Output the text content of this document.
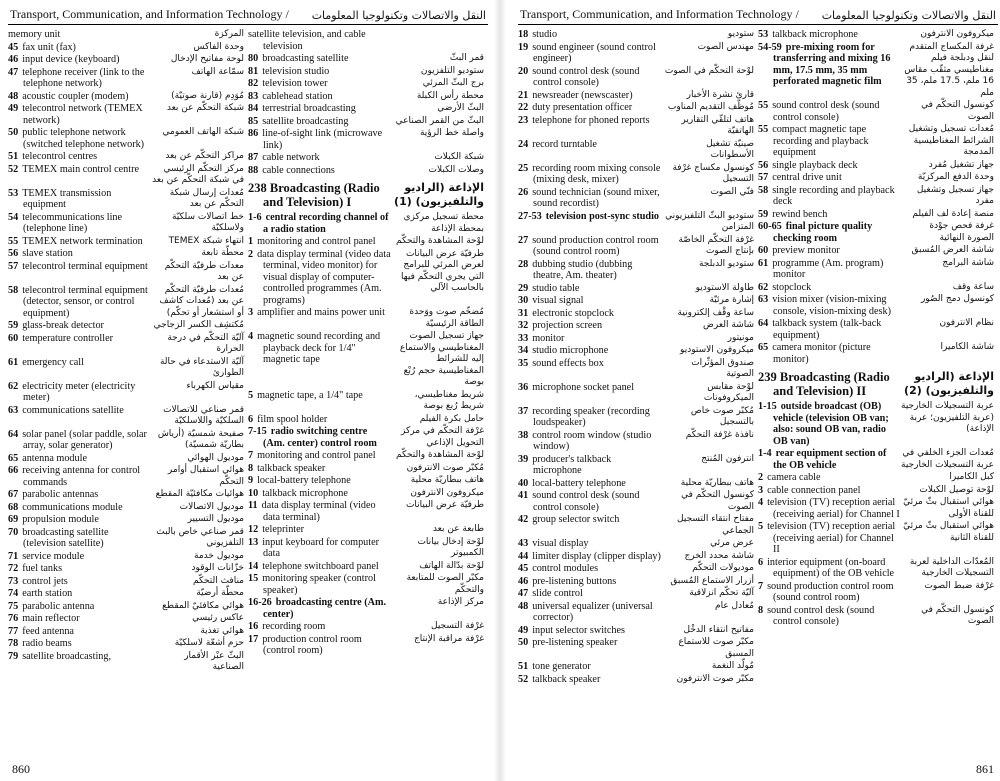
Transport, Communication, and Information Technology / النقل والاتصالات وتكنولوجيا المعلومات
memory unit	المركّزة
45 fax unit (fax)	وحدة الفاكس
46 input device (keyboard)	لوحة مفاتيح الإدخال
47 telephone receiver (link to the telephone network)
سمّاعة الهاتف
48 acoustic coupler (modem)	مُوَدِم (قارنة صوتيّة)
49 telecontrol network (TEMEX network)
شبكة التحكّم عن بعد
50 public telephone network (switched telephone network)
شبكة الهاتف العمومي
51 telecontrol centres	مراكز التحكّم عن بعد
52 TEMEX main control centre	مركز التحكّم الرئيسي في شبكة التحكّم عن بعد
53 TEMEX transmission equipment
مُعدات إرسال شبكة التحكّم عن بعد
54 telecommunications line (telephone line)
خط اتصالات سلكيّة ولاسلكيّة
55 TEMEX network termination	انتهاء شبكة TEMEX
56 slave station	محطّة تابعة
57 telecontrol terminal equipment	معدات طرفيّة التحكّم عن بعد
58 telecontrol terminal equipment (detector, sensor, or control equipment)
مُعدات طرفيّة التحكّم عن بعد (مُعدات كاشف أو استشعار أو تحكّم)
59 glass-break detector	مُكتشِف الكسر الزجاجي
60 temperature controller	آليّة التحكّم في درجة الحرارة
61 emergency call	آليّة الاستدعاء في حالة الطوارئ
62 electricity meter (electricity meter)
مقياس الكهرباء
63 communications satellite	قمر صناعي للاتصالات السلكيّة واللاسلكيّة
64 solar panel (solar paddle, solar array, solar generator)
صفيحة شمسيّة (أرياش بطاريّة شمسيّة)
65 antenna module	موديول الهوائي
66 receiving antenna for control commands
هوائي استقبال أوامر التحكّم
67 parabolic antennas	هوائيات مكافئيّة المقطع
68 communications module	موديول الاتصالات
69 propulsion module	موديول التسيير
70 broadcasting satellite (television satellite)
قمر صناعي خاص بالبث التلفزيوني
71 service module	موديول خدمة
72 fuel tanks	خزّانات الوقود
73 control jets	منافث التحكّم
74 earth station	محطّة أرضيّة
75 parabolic antenna	هوائي مكافئيّ المقطع
76 main reflector	عاكس رئيسي
77 feed antenna	هوائي تغذية
78 radio beams	حزم أشعّة لاسلكيّة
79 satellite broadcasting,	البثّ عبْر الأقمار الصناعية
satellite television, and cable television
80 broadcasting satellite	قمر البثّ
81 television studio	ستوديو التلفزيون
82 television tower	برج البثّ المرئي
83 cablehead station	محطة رأس الكبلة
84 terrestrial broadcasting	البثّ الأرضي
85 satellite broadcasting	البثّ من القمر الصناعي
86 line-of-sight link (microwave link)
واصلة خط الرؤية
87 cable network	شبكة الكبلات
88 cable connections	وصلات الكبلات
238 Broadcasting (Radio and Television) I
الإذاعة (الراديو والتلفيزيون) (1)
1-6 central recording channel of a radio station
محطة تسجيل مركزي بمحطة الإذاعة
1 monitoring and control panel	لوْحة المشاهدة والتحكّم
2 data display terminal (video data terminal, video monitor) for visual display of computer-controlled programmes (Am. programs)
طرفيّة عرض البيانات لعرض المرئي للبرامج التي يجري التحكّم فيها بالحاسب الآلي
3 amplifier and mains power unit	مُضخّم صوت ووَحدة الطاقة الرئيسيّة
4 magnetic sound recording and playback deck for 1/4" magnetic tape
جهاز تسجيل الصوت المغناطيسي والاستماع إليه للشرائط المغناطيسية حجم رُبْع بوصة
5 magnetic tape, a 1/4" tape	شريط مغناطيسي، شريط رُبع بوصة
6 film spool holder	حامل بكرة الفيلم
7-15 radio switching centre (Am. center) control room
غرْفة التحكّم في مركز التحويل الإذاعي
7 monitoring and control panel	لوْحة المشاهدة والتحكّم
8 talkback speaker	مُكبّر صوت الانترفون
9 local-battery telephone	هاتف ببطاريّة محلية
10 talkback microphone	ميكروفون الانترفون
11 data display terminal (video data terminal)
طرفيّة عرض البيانات
12 teleprinter	طابعة عن بعد
13 input keyboard for computer data
لوْحة إدخال بيانات الكمبيوتر
14 telephone switchboard panel	لوْحة بدّالة الهاتف
15 monitoring speaker (control speaker)
مكبّر الصوت للمتابعة والتحكّم
16-26 broadcasting centre (Am. center)
مركز الإذاعة
16 recording room	غرْفة التسجيل
17 production control room (control room)
غرْفة مراقبة الإنتاج
860
Transport, Communication, and Information Technology / النقل والاتصالات وتكنولوجيا المعلومات
18 studio	ستوديو
19 sound engineer (sound control engineer)
مهندس الصوت
20 sound control desk (sound control console)
لوْحة التحكّم في الصوت
21 newsreader (newscaster)	قارئ نشرة الأخبار
22 duty presentation officer	مُوظّف التقديم المناوب
23 telephone for phoned reports	هاتف لتلقّي التقارير الهاتفيّة
24 record turntable	صينيّة تشغيل الأسطوانات
25 recording room mixing console (mixing desk, mixer)
كونسول مكساج غرْفة التسجيل
26 sound technician (sound mixer, sound recordist)
فنّي الصوت
27-53 television post-sync studio ستوديو البثّ التلفيزيوني المتزامن
27 sound production control room (sound control room)
غرْفة التحكّم الخاصّة بإنتاج الصوت
28 dubbing studio (dubbing theatre, Am. theater)
ستوديو الدبلجة
29 studio table	طاولة الاستوديو
30 visual signal	إشارة مرئيّة
31 electronic stopclock	ساعة وقْف إلكترونية
32 projection screen	شاشة العرض
33 monitor	مونيتور
34 studio microphone	ميكروفون الاستوديو
35 sound effects box	صندوق المؤثّرات الصوتية
36 microphone socket panel	لوْحة مقابس الميكروفونات
37 recording speaker (recording loudspeaker)
مُكبّر صوت خاص بالتسجيل
38 control room window (studio window)
نافذة غرْفة التحكّم
39 producer's talkback microphone
انترفون المُنتج
40 local-battery telephone	هاتف ببطاريّة محلية
41 sound control desk (sound control console)
كونسول التحكّم في الصوت
42 group selector switch	مفتاح انتقاء التسجيل الجماعي
43 visual display	عرض مرئي
44 limiter display (clipper display)	شاشة محدد الخرج
45 control modules	موديولات التحكّم
46 pre-listening buttons	أزرار الاستماع المُسبق
47 slide control	آليّة تحكّم انزلاقية
48 universal equalizer (universal corrector)
مُعادل عام
49 input selector switches	مفاتيح انتقاء الدخْل
50 pre-listening speaker	مكبّر صوت للاستماع المسبق
51 tone generator	مُولّد النغمة
52 talkback speaker	مكبّر صوت الانترفون
53 talkback microphone	ميكروفون الانترفون
54-59 pre-mixing room for transferring and mixing 16 mm, 17.5 mm, 35 mm perforated magnetic film
غرفة المكساج المتقدم لنقل ودبلجة فيلم مغناطيسي مثقّب مقاس 16 ملم، 17.5 ملم، 35 ملم
55 sound control desk (sound control console)
كونسول التحكّم في الصوت
55 compact magnetic tape recording and playback equipment
مُعدات تسجيل وتشغيل الشرائط المغناطيسية المدمجة
56 single playback deck	جهاز تشغيل مُفرد
57 central drive unit	وحدة الدفع المركزيّة
58 single recording and playback deck
جهاز تسجيل وتشغيل مفرد
59 rewind bench	منصة إعادة لف الفيلم
60-65 final picture quality checking room
غرفة فحص جوْدة الصورة النهائية
60 preview monitor	شاشة العرض المُسبق
61 programme (Am. program) monitor
شاشة البرامج
62 stopclock	ساعة وقف
63 vision mixer (vision-mixing console, vision-mixing desk)
كونسول دمج الصُور
64 talkback system (talk-back equipment)
نظام الانترفون
65 camera monitor (picture monitor)
شاشة الكاميرا
239 Broadcasting (Radio and Television) II
الإذاعة (الراديو والتلفيزيون) (2)
1-15 outside broadcast (OB) vehicle (television OB van; also: sound OB van, radio OB van)
عربة التسجيلات الخارجية (عربة التلفيزيون؛ عربة الإذاعة)
1-4 rear equipment section of the OB vehicle
مُعدات الجزء الخلفي في عربة التسجيلات الخارجية
2 camera cable	كبل الكاميرا
3 cable connection panel	لوْحة توصيل الكبلات
4 television (TV) reception aerial (receiving aerial) for Channel I
هوائي استقبال بثّ مرئيّ للقناة الأولى
5 television (TV) reception aerial (receiving aerial) for Channel II
هوائي استقبال بثّ مرئيّ للقناة الثانية
6 interior equipment (on-board equipment) of the OB vehicle
المُعدّات الداخلية لعربة التسجيلات الخارجية
7 sound production control room (sound control room)
غرْفة ضبط الصوت
8 sound control desk (sound control console)
كونسول التحكّم في الصوت
861
